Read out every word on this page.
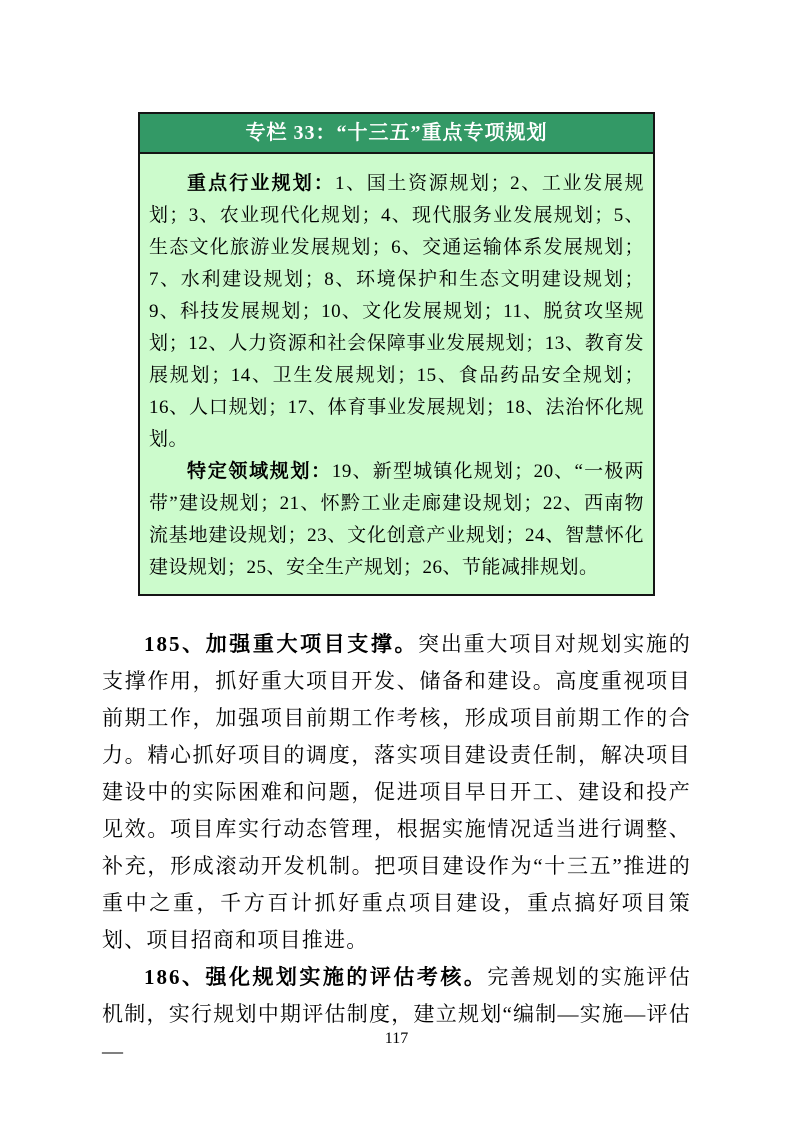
专栏 33：“十三五”重点专项规划

重点行业规划：1、国土资源规划；2、工业发展规划；3、农业现代化规划；4、现代服务业发展规划；5、生态文化旅游业发展规划；6、交通运输体系发展规划；7、水利建设规划；8、环境保护和生态文明建设规划；9、科技发展规划；10、文化发展规划；11、脱贫攻坚规划；12、人力资源和社会保障事业发展规划；13、教育发展规划；14、卫生发展规划；15、食品药品安全规划；16、人口规划；17、体育事业发展规划；18、法治怀化规划。

特定领域规划：19、新型城镇化规划；20、“一极两带”建设规划；21、怀黔工业走廊建设规划；22、西南物流基地建设规划；23、文化创意产业规划；24、智慧怀化建设规划；25、安全生产规划；26、节能减排规划。

185、加强重大项目支撑。突出重大项目对规划实施的支撑作用，抓好重大项目开发、储备和建设。高度重视项目前期工作，加强项目前期工作考核，形成项目前期工作的合力。精心抓好项目的调度，落实项目建设责任制，解决项目建设中的实际困难和问题，促进项目早日开工、建设和投产见效。项目库实行动态管理，根据实施情况适当进行调整、补充，形成滚动开发机制。把项目建设作为“十三五”推进的重中之重，千方百计抓好重点项目建设，重点搞好项目策划、项目招商和项目推进。

186、强化规划实施的评估考核。完善规划的实施评估机制，实行规划中期评估制度，建立规划“编制—实施—评估—

117
